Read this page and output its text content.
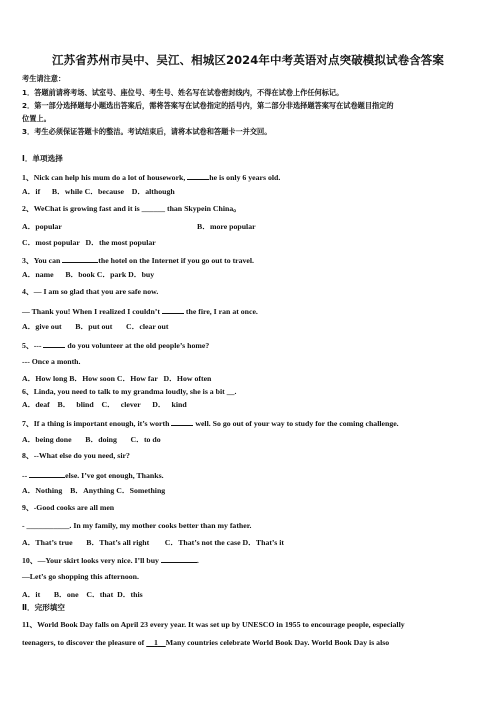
江苏省苏州市吴中、吴江、相城区2024年中考英语对点突破模拟试卷含答案
考生请注意：
1．答题前请将考场、试室号、座位号、考生号、姓名写在试卷密封线内，不得在试卷上作任何标记。
2．第一部分选择题每小题选出答案后，需将答案写在试卷指定的括号内，第二部分非选择题答案写在试卷题目指定的
位置上。
3．考生必须保证答题卡的整洁。考试结束后，请将本试卷和答题卡一并交回。
Ⅰ．单项选择
1、Nick can help his mum do a lot of housework,	he is only 6 years old.
A．if      B．while C．because    D．although
2、WeChat is growing fast and it is ______ than Skypein China。
A．popular	B．more popular
C．most popular   D．the most popular
3、You can	the hotel on the Internet if you go out to travel.
A．name      B．book C．park D．buy
4、— I am so glad that you are safe now.
— Thank you! When I realized I couldn’t	the fire, I ran at once.
A．give out       B．put out       C．clear out
5、---	do you volunteer at the old people’s home?
--- Once a month.
A．How long B．How soon C．How far   D．How often
6、Linda, you need to talk to my grandma loudly, she is a bit __.
A．deaf    B．   blind    C．   clever      D．   kind
7、If a thing is important enough, it’s worth	well. So go out of your way to study for the coming challenge.
A．being done       B．doing       C．to do
8、--What else do you need, sir?
--	else. I’ve got enough, Thanks.
A．Nothing    B．Anything C．Something
9、-Good cooks are all men
- ___________. In my family, my mother cooks better than my father.
A．That’s true       B．That’s all right        C．That’s not the case D．That’s it
10、—Your skirt looks very nice. I’ll buy	.
—Let’s go shopping this afternoon.
A．it       B．one    C．that  D．this
Ⅱ．完形填空
11、World Book Day falls on April 23 every year. It was set up by UNESCO in 1955 to encourage people, especially
teenagers, to discover the pleasure of     1 Many countries celebrate World Book Day. World Book Day is also
